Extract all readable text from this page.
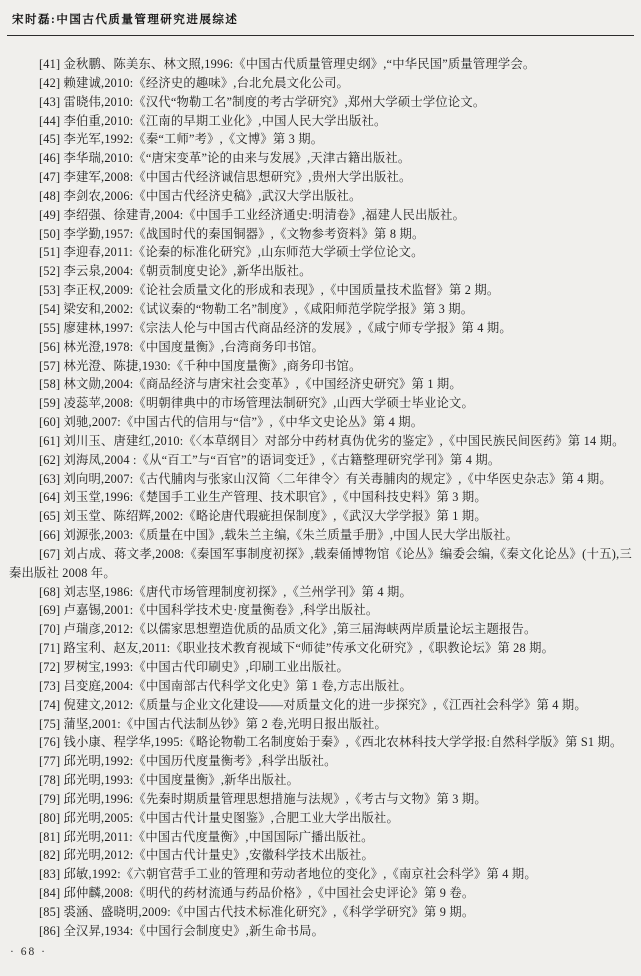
宋时磊:中国古代质量管理研究进展综述

[41] 金秋鹏、陈美东、林文照,1996:《中国古代质量管理史纲》,“中华民国”质量管理学会。

[42] 赖建诚,2010:《经济史的趣味》,台北允晨文化公司。

[43] 雷晓伟,2010:《汉代“物勒工名”制度的考古学研究》,郑州大学硕士学位论文。

[44] 李伯重,2010:《江南的早期工业化》,中国人民大学出版社。

[45] 李光军,1992:《秦“工师”考》,《文博》第 3 期。

[46] 李华瑞,2010:《“唐宋变革”论的由来与发展》,天津古籍出版社。

[47] 李建军,2008:《中国古代经济诚信思想研究》,贵州大学出版社。

[48] 李剑农,2006:《中国古代经济史稿》,武汉大学出版社。

[49] 李绍强、徐建青,2004:《中国手工业经济通史:明清卷》,福建人民出版社。

[50] 李学勤,1957:《战国时代的秦国铜器》,《文物参考资料》第 8 期。

[51] 李迎春,2011:《论秦的标准化研究》,山东师范大学硕士学位论文。

[52] 李云泉,2004:《朝贡制度史论》,新华出版社。

[53] 李正权,2009:《论社会质量文化的形成和表现》,《中国质量技术监督》第 2 期。

[54] 梁安和,2002:《试议秦的“物勒工名”制度》,《咸阳师范学院学报》第 3 期。

[55] 廖建林,1997:《宗法人伦与中国古代商品经济的发展》,《咸宁师专学报》第 4 期。

[56] 林光澄,1978:《中国度量衡》,台湾商务印书馆。

[57] 林光澄、陈捷,1930:《千种中国度量衡》,商务印书馆。

[58] 林文勋,2004:《商品经济与唐宋社会变革》,《中国经济史研究》第 1 期。

[59] 凌蕊苹,2008:《明朝律典中的市场管理法制研究》,山西大学硕士毕业论文。

[60] 刘驰,2007:《中国古代的信用与“信”》,《中华文史论丛》第 4 期。

[61] 刘川玉、唐建红,2010:《〈本草纲目〉对部分中药材真伪优劣的鉴定》,《中国民族民间医药》第 14 期。

[62] 刘海凤,2004 :《从“百工”与“百官”的语词变迁》,《古籍整理研究学刊》第 4 期。

[63] 刘向明,2007:《古代脯肉与张家山汉简〈二年律令〉有关毒脯肉的规定》,《中华医史杂志》第 4 期。

[64] 刘玉堂,1996:《楚国手工业生产管理、技术职官》,《中国科技史料》第 3 期。

[65] 刘玉堂、陈绍辉,2002:《略论唐代瑕疵担保制度》,《武汉大学学报》第 1 期。

[66] 刘源张,2003:《质量在中国》,载朱兰主编,《朱兰质量手册》,中国人民大学出版社。

[67] 刘占成、蒋文孝,2008:《秦国军事制度初探》,载秦俑博物馆《论丛》编委会编,《秦文化论丛》(十五),三秦出版社 2008 年。

[68] 刘志坚,1986:《唐代市场管理制度初探》,《兰州学刊》第 4 期。

[69] 卢嘉锡,2001:《中国科学技术史·度量衡卷》,科学出版社。

[70] 卢瑞彦,2012:《以儒家思想塑造优质的品质文化》,第三届海峡两岸质量论坛主题报告。

[71] 路宝利、赵友,2011:《职业技术教育视域下“师徒”传承文化研究》,《职教论坛》第 28 期。

[72] 罗树宝,1993:《中国古代印刷史》,印刷工业出版社。

[73] 吕变庭,2004:《中国南部古代科学文化史》第 1 卷,方志出版社。

[74] 倪建文,2012:《质量与企业文化建设——对质量文化的进一步探究》,《江西社会科学》第 4 期。

[75] 蒲坚,2001:《中国古代法制丛钞》第 2 卷,光明日报出版社。

[76] 钱小康、程学华,1995:《略论物勒工名制度始于秦》,《西北农林科技大学学报:自然科学版》第 S1 期。

[77] 邱光明,1992:《中国历代度量衡考》,科学出版社。

[78] 邱光明,1993:《中国度量衡》,新华出版社。

[79] 邱光明,1996:《先秦时期质量管理思想措施与法规》,《考古与文物》第 3 期。

[80] 邱光明,2005:《中国古代计量史图鉴》,合肥工业大学出版社。

[81] 邱光明,2011:《中国古代度量衡》,中国国际广播出版社。

[82] 邱光明,2012:《中国古代计量史》,安徽科学技术出版社。

[83] 邱敏,1992:《六朝官营手工业的管理和劳动者地位的变化》,《南京社会科学》第 4 期。

[84] 邱仲麟,2008:《明代的药材流通与药品价格》,《中国社会史评论》第 9 卷。

[85] 裘涵、盛晓明,2009:《中国古代技术标准化研究》,《科学学研究》第 9 期。

[86] 全汉昇,1934:《中国行会制度史》,新生命书局。

· 68 ·
